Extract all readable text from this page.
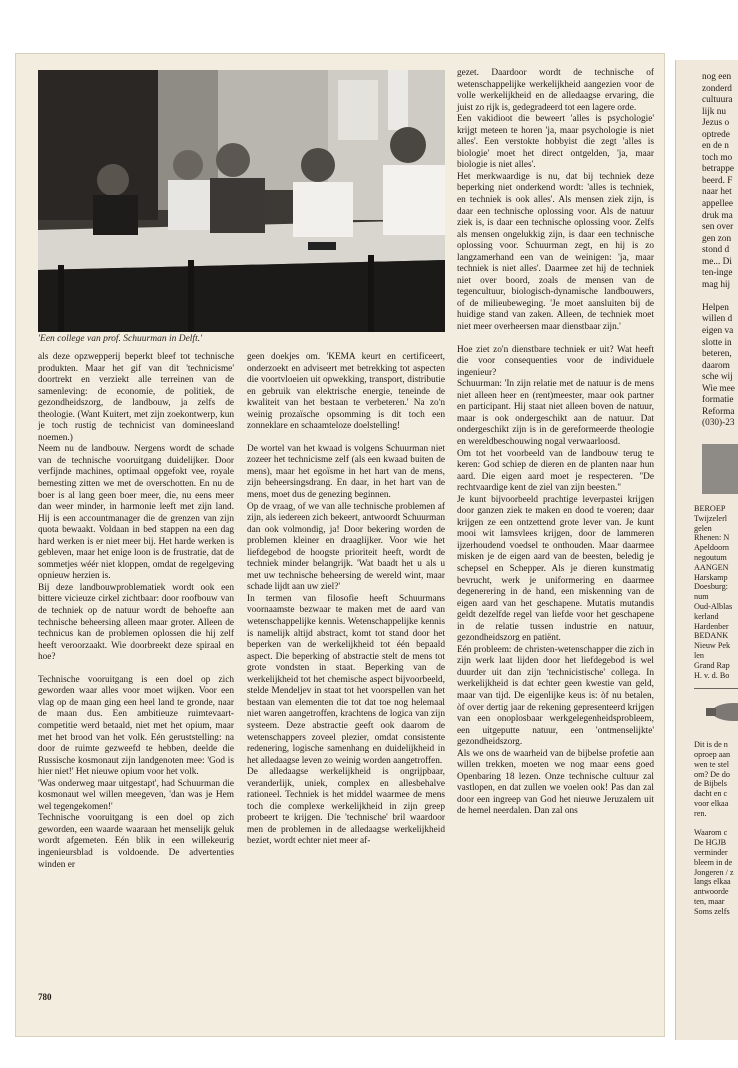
'Een college van prof. Schuurman in Delft.'

als deze opzwepperij beperkt bleef tot technische produkten. Maar het gif van dit 'technicisme' doortrekt en verziekt alle terreinen van de samenleving: de economie, de politiek, de gezondheidszorg, de landbouw, ja zelfs de theologie. (Want Kuitert, met zijn zoekontwerp, kun je toch rustig de technicist van domineesland noemen.)

Neem nu de landbouw. Nergens wordt de schade van de technische vooruitgang duidelijker. Door verfijnde machines, optimaal opgefokt vee, royale bemesting zitten we met de overschotten. En nu de boer is al lang geen boer meer, die, nu eens meer dan weer minder, in harmonie leeft met zijn land. Hij is een accountmanager die de grenzen van zijn quota bewaakt. Voldaan in bed stappen na een dag hard werken is er niet meer bij. Het harde werken is gebleven, maar het enige loon is de frustratie, dat de sommetjes wéér niet kloppen, omdat de regelgeving opnieuw herzien is.

Bij deze landbouwproblematiek wordt ook een bittere vicieuze cirkel zichtbaar: door roofbouw van de techniek op de natuur wordt de behoefte aan technische beheersing alleen maar groter. Alleen de technicus kan de problemen oplossen die hij zelf heeft veroorzaakt. Wie doorbreekt deze spiraal en hoe?

Technische vooruitgang is een doel op zich geworden waar alles voor moet wijken. Voor een vlag op de maan ging een heel land te gronde, naar de maan dus. Een ambitieuze ruimtevaart-competitie werd betaald, niet met het opium, maar met het brood van het volk. Eén geruststelling: na door de ruimte gezweefd te hebben, deelde die Russische kosmonaut zijn landgenoten mee: 'God is hier niet!' Het nieuwe opium voor het volk.

'Was onderweg maar uitgestapt', had Schuurman die kosmonaut wel willen meegeven, 'dan was je Hem wel tegengekomen!'

Technische vooruitgang is een doel op zich geworden, een waarde waaraan het menselijk geluk wordt afgemeten. Eén blik in een willekeurig ingenieursblad is voldoende. De advertenties winden er

geen doekjes om. 'KEMA keurt en certificeert, onderzoekt en adviseert met betrekking tot aspecten die voortvloeien uit opwekking, transport, distributie en gebruik van elektrische energie, teneinde de kwaliteit van het bestaan te verbeteren.' Na zo'n weinig prozaïsche opsomming is dit toch een zonneklare en schaamteloze doelstelling!

De wortel van het kwaad is volgens Schuurman niet zozeer het technicisme zelf (als een kwaad buiten de mens), maar het egoïsme in het hart van de mens, zijn beheersingsdrang. En daar, in het hart van de mens, moet dus de genezing beginnen.

Op de vraag, of we van alle technische problemen af zijn, als iedereen zich bekeert, antwoordt Schuurman dan ook volmondig, ja! Door bekering worden de problemen kleiner en draaglijker. Voor wie het liefdegebod de hoogste prioriteit heeft, wordt de techniek minder belangrijk. 'Wat baadt het u als u met uw technische beheersing de wereld wint, maar schade lijdt aan uw ziel?'

In termen van filosofie heeft Schuurmans voornaamste bezwaar te maken met de aard van wetenschappelijke kennis. Wetenschappelijke kennis is namelijk altijd abstract, komt tot stand door het beperken van de werkelijkheid tot één bepaald aspect. Die beperking of abstractie stelt de mens tot grote vondsten in staat. Beperking van de werkelijkheid tot het chemische aspect bijvoorbeeld, stelde Mendeljev in staat tot het voorspellen van het bestaan van elementen die tot dat toe nog helemaal niet waren aangetroffen, krachtens de logica van zijn systeem. Deze abstractie geeft ook daarom de wetenschappers zoveel plezier, omdat consistente redenering, logische samenhang en duidelijkheid in het alledaagse leven zo weinig worden aangetroffen.

De alledaagse werkelijkheid is ongrijpbaar, veranderlijk, uniek, complex en allesbehalve rationeel. Techniek is het middel waarmee de mens toch die complexe werkelijkheid in zijn greep probeert te krijgen. Die 'technische' bril waardoor men de problemen in de alledaagse werkelijkheid beziet, wordt echter niet meer af-

gezet. Daardoor wordt de technische of wetenschappelijke werkelijkheid aangezien voor de volle werkelijkheid en de alledaagse ervaring, die juist zo rijk is, gedegradeerd tot een lagere orde.

Een vakidioot die beweert 'alles is psychologie' krijgt meteen te horen 'ja, maar psychologie is niet alles'. Een verstokte hobbyist die zegt 'alles is biologie' moet het direct ontgelden, 'ja, maar biologie is niet alles'.

Het merkwaardige is nu, dat bij techniek deze beperking niet onderkend wordt: 'alles is techniek, en techniek is ook alles'. Als mensen ziek zijn, is daar een technische oplossing voor. Als de natuur ziek is, is daar een technische oplossing voor. Zelfs als mensen ongelukkig zijn, is daar een technische oplossing voor. Schuurman zegt, en hij is zo langzamerhand een van de weinigen: 'ja, maar techniek is niet alles'. Daarmee zet hij de techniek niet over boord, zoals de mensen van de tegencultuur, biologisch-dynamische landbouwers, of de milieubeweging. 'Je moet aansluiten bij de huidige stand van zaken. Alleen, de techniek moet niet meer overheersen maar dienstbaar zijn.'

Hoe ziet zo'n dienstbare techniek er uit? Wat heeft die voor consequenties voor de individuele ingenieur?

Schuurman: 'In zijn relatie met de natuur is de mens niet alleen heer en (rent)meester, maar ook partner en participant. Hij staat niet alleen boven de natuur, maar is ook ondergeschikt aan de natuur. Dat ondergeschikt zijn is in de gereformeerde theologie en wereldbeschouwing nogal verwaarloosd.

Om tot het voorbeeld van de landbouw terug te keren: God schiep de dieren en de planten naar hun aard. Die eigen aard moet je respecteren. "De rechtvaardige kent de ziel van zijn beesten."

Je kunt bijvoorbeeld prachtige leverpastei krijgen door ganzen ziek te maken en dood te voeren; daar krijgen ze een ontzettend grote lever van. Je kunt mooi wit lamsvlees krijgen, door de lammeren ijzerhoudend voedsel te onthouden. Maar daarmee misken je de eigen aard van de beesten, beledig je schepsel en Schepper. Als je dieren kunstmatig bevrucht, werk je uniformering en daarmee degenerering in de hand, een miskenning van de eigen aard van het geschapene. Mutatis mutandis geldt dezelfde regel van liefde voor het geschapene in de relatie tussen industrie en natuur, gezondheidszorg en patiënt.

Eén probleem: de christen-wetenschapper die zich in zijn werk laat lijden door het liefdegebod is wel duurder uit dan zijn 'technicistische' collega. In werkelijkheid is dat echter geen kwestie van geld, maar van tijd. De eigenlijke keus is: òf nu betalen, òf over dertig jaar de rekening gepresenteerd krijgen van een onoplosbaar werkgelegenheidsprobleem, een uitgeputte natuur, een 'ontmenselijkte' gezondheidszorg.

Als we ons de waarheid van de bijbelse profetie aan willen trekken, moeten we nog maar eens goed Openbaring 18 lezen. Onze technische cultuur zal vastlopen, en dat zullen we voelen ook! Pas dan zal door een ingreep van God het nieuwe Jeruzalem uit de hemel neerdalen. Dan zal ons

780
nog een
zonderd
cultuura
lijk nu
Jezus o
optrede
en de n
toch mo
betrappe
beerd. F
naar het
appellee
druk ma
sen over
gen zon
stond d
me... Di
ten-inge
mag hij

Helpen
willen d
eigen va
slotte in
beteren,
daarom
sche wij
Wie mee
formatie
Reforma
(030)-23
BEROEP
Twijzelerl
gelen
Rhenen: N
Apeldoorn
negoutum
AANGEN
Harskamp
Doesburg:
num
Oud-Alblas
kerland
Hardenber
BEDANK
Nieuw Pek
len
Grand Rap
H. v. d. Bo
Dit is de n
oproep aan
wen te stel
om? De do
de Bijbels
dacht en c
voor elkaa
ren.

Waarom c
De HGJB
verminder
bleem in de
Jongeren / z
langs elkaa
antwoorde
ten, maar
Soms zelfs
